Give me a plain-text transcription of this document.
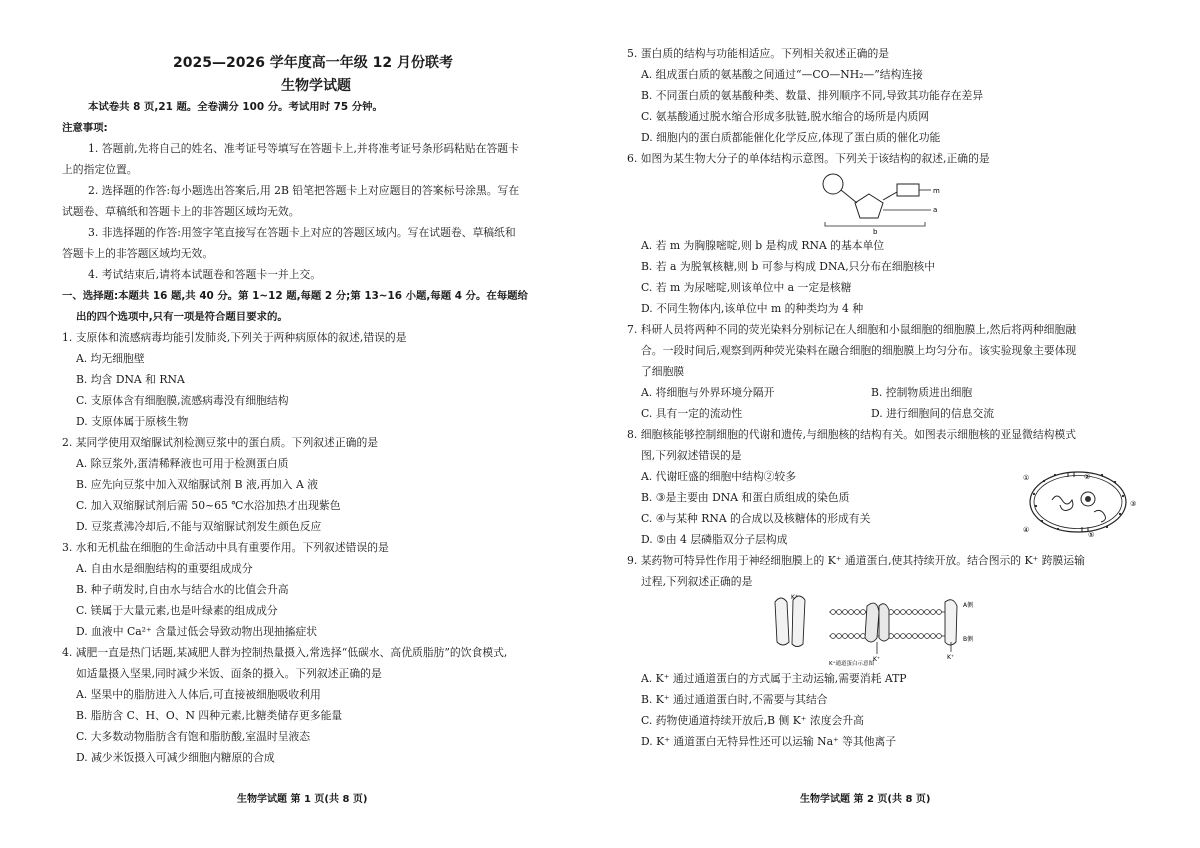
2025—2026 学年度高一年级 12 月份联考
生物学试题
本试卷共 8 页,21 题。全卷满分 100 分。考试用时 75 分钟。
注意事项:
1. 答题前,先将自己的姓名、准考证号等填写在答题卡上,并将准考证号条形码粘贴在答题卡
上的指定位置。
2. 选择题的作答:每小题选出答案后,用 2B 铅笔把答题卡上对应题目的答案标号涂黑。写在
试题卷、草稿纸和答题卡上的非答题区域均无效。
3. 非选择题的作答:用签字笔直接写在答题卡上对应的答题区域内。写在试题卷、草稿纸和
答题卡上的非答题区域均无效。
4. 考试结束后,请将本试题卷和答题卡一并上交。
一、选择题:本题共 16 题,共 40 分。第 1~12 题,每题 2 分;第 13~16 小题,每题 4 分。在每题给
出的四个选项中,只有一项是符合题目要求的。
1. 支原体和流感病毒均能引发肺炎,下列关于两种病原体的叙述,错误的是
A. 均无细胞壁
B. 均含 DNA 和 RNA
C. 支原体含有细胞膜,流感病毒没有细胞结构
D. 支原体属于原核生物
2. 某同学使用双缩脲试剂检测豆浆中的蛋白质。下列叙述正确的是
A. 除豆浆外,蛋清稀释液也可用于检测蛋白质
B. 应先向豆浆中加入双缩脲试剂 B 液,再加入 A 液
C. 加入双缩脲试剂后需 50~65 ℃水浴加热才出现紫色
D. 豆浆煮沸冷却后,不能与双缩脲试剂发生颜色反应
3. 水和无机盐在细胞的生命活动中具有重要作用。下列叙述错误的是
A. 自由水是细胞结构的重要组成成分
B. 种子萌发时,自由水与结合水的比值会升高
C. 镁属于大量元素,也是叶绿素的组成成分
D. 血液中 Ca²⁺ 含量过低会导致动物出现抽搐症状
4. 减肥一直是热门话题,某减肥人群为控制热量摄入,常选择“低碳水、高优质脂肪”的饮食模式,
如适量摄入坚果,同时减少米饭、面条的摄入。下列叙述正确的是
A. 坚果中的脂肪进入人体后,可直接被细胞吸收利用
B. 脂肪含 C、H、O、N 四种元素,比糖类储存更多能量
C. 大多数动物脂肪含有饱和脂肪酸,室温时呈液态
D. 减少米饭摄入可减少细胞内糖原的合成
生物学试题 第 1 页(共 8 页)
5. 蛋白质的结构与功能相适应。下列相关叙述正确的是
A. 组成蛋白质的氨基酸之间通过“—CO—NH₂—”结构连接
B. 不同蛋白质的氨基酸种类、数量、排列顺序不同,导致其功能存在差异
C. 氨基酸通过脱水缩合形成多肽链,脱水缩合的场所是内质网
D. 细胞内的蛋白质都能催化化学反应,体现了蛋白质的催化功能
6. 如图为某生物大分子的单体结构示意图。下列关于该结构的叙述,正确的是
m
a
b
A. 若 m 为胸腺嘧啶,则 b 是构成 RNA 的基本单位
B. 若 a 为脱氧核糖,则 b 可参与构成 DNA,只分布在细胞核中
C. 若 m 为尿嘧啶,则该单位中 a 一定是核糖
D. 不同生物体内,该单位中 m 的种类均为 4 种
7. 科研人员将两种不同的荧光染料分别标记在人细胞和小鼠细胞的细胞膜上,然后将两种细胞融
合。一段时间后,观察到两种荧光染料在融合细胞的细胞膜上均匀分布。该实验现象主要体现
了细胞膜
A. 将细胞与外界环境分隔开	B. 控制物质进出细胞
C. 具有一定的流动性	D. 进行细胞间的信息交流
8. 细胞核能够控制细胞的代谢和遗传,与细胞核的结构有关。如图表示细胞核的亚显微结构模式
图,下列叙述错误的是
A. 代谢旺盛的细胞中结构②较多
B. ③是主要由 DNA 和蛋白质组成的染色质
C. ④与某种 RNA 的合成以及核糖体的形成有关
D. ⑤由 4 层磷脂双分子层构成
①	②
③
④
⑤
9. 某药物可特异性作用于神经细胞膜上的 K⁺ 通道蛋白,使其持续开放。结合图示的 K⁺ 跨膜运输
过程,下列叙述正确的是
K⁺
K⁺	K⁺
A侧
B侧
K⁺通道蛋白示意图
A. K⁺ 通过通道蛋白的方式属于主动运输,需要消耗 ATP
B. K⁺ 通过通道蛋白时,不需要与其结合
C. 药物使通道持续开放后,B 侧 K⁺ 浓度会升高
D. K⁺ 通道蛋白无特异性还可以运输 Na⁺ 等其他离子
生物学试题 第 2 页(共 8 页)
